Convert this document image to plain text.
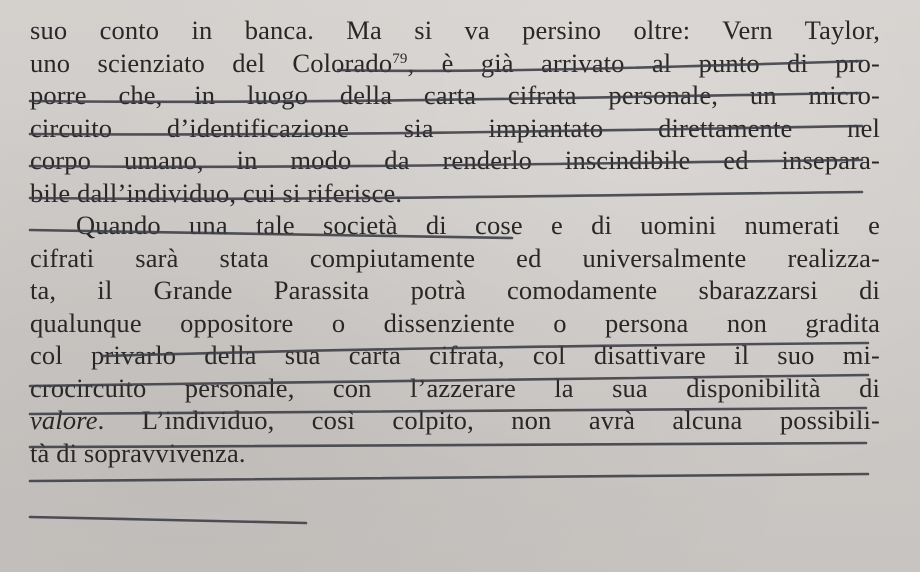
suo conto in banca. Ma si va persino oltre: Vern Taylor,
uno scienziato del Colorado$^{79}$, è già arrivato al punto di pro-
porre che, in luogo della carta cifrata personale, un micro-
circuito d’identificazione sia impiantato direttamente nel
corpo umano, in modo da renderlo inscindibile ed insepara-
bile dall’individuo, cui si riferisce.
Quando una tale società di cose e di uomini numerati e
cifrati sarà stata compiutamente ed universalmente realizza-
ta, il Grande Parassita potrà comodamente sbarazzarsi di
qualunque oppositore o dissenziente o persona non gradita
col privarlo della sua carta cifrata, col disattivare il suo mi-
crocircuito personale, con l’azzerare la sua disponibilità di
valore. L’individuo, così colpito, non avrà alcuna possibili-
tà di sopravvivenza.
